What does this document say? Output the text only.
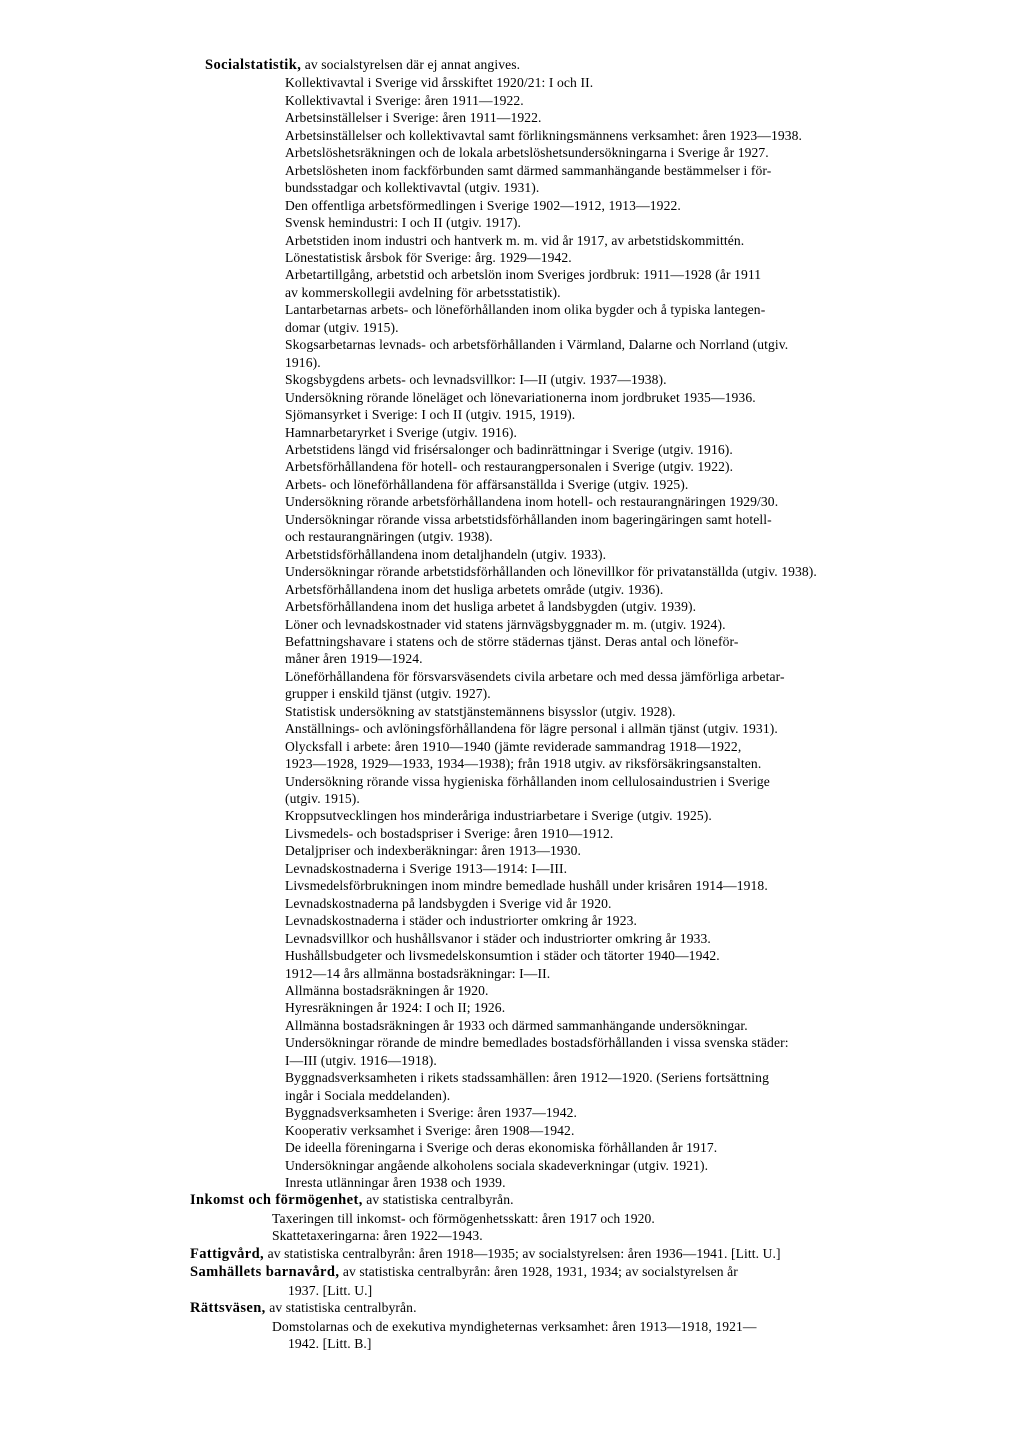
Socialstatistik, av socialstyrelsen där ej annat angives.
Kollektivavtal i Sverige vid årsskiftet 1920/21: I och II.
Kollektivavtal i Sverige: åren 1911—1922.
Arbetsinställelser i Sverige: åren 1911—1922.
Arbetsinställelser och kollektivavtal samt förlikningsmännens verksamhet: åren 1923—1938.
Arbetslöshetsräkningen och de lokala arbetslöshetsundersökningarna i Sverige år 1927.
Arbetslösheten inom fackförbunden samt därmed sammanhängande bestämmelser i för-
bundsstadgar och kollektivavtal (utgiv. 1931).
Den offentliga arbetsförmedlingen i Sverige 1902—1912, 1913—1922.
Svensk hemindustri: I och II (utgiv. 1917).
Arbetstiden inom industri och hantverk m. m. vid år 1917, av arbetstidskommittén.
Lönestatistisk årsbok för Sverige: årg. 1929—1942.
Arbetartillgång, arbetstid och arbetslön inom Sveriges jordbruk: 1911—1928 (år 1911
av kommerskollegii avdelning för arbetsstatistik).
Lantarbetarnas arbets- och löneförhållanden inom olika bygder och å typiska lantegen-
domar (utgiv. 1915).
Skogsarbetarnas levnads- och arbetsförhållanden i Värmland, Dalarne och Norrland (utgiv.
1916).
Skogsbygdens arbets- och levnadsvillkor: I—II (utgiv. 1937—1938).
Undersökning rörande löneläget och lönevariationerna inom jordbruket 1935—1936.
Sjömansyrket i Sverige: I och II (utgiv. 1915, 1919).
Hamnarbetaryrket i Sverige (utgiv. 1916).
Arbetstidens längd vid frisérsalonger och badinrättningar i Sverige (utgiv. 1916).
Arbetsförhållandena för hotell- och restaurangpersonalen i Sverige (utgiv. 1922).
Arbets- och löneförhållandena för affärsanställda i Sverige (utgiv. 1925).
Undersökning rörande arbetsförhållandena inom hotell- och restaurangnäringen 1929/30.
Undersökningar rörande vissa arbetstidsförhållanden inom bageringäringen samt hotell-
och restaurangnäringen (utgiv. 1938).
Arbetstidsförhållandena inom detaljhandeln (utgiv. 1933).
Undersökningar rörande arbetstidsförhållanden och lönevillkor för privatanställda (utgiv. 1938).
Arbetsförhållandena inom det husliga arbetets område (utgiv. 1936).
Arbetsförhållandena inom det husliga arbetet å landsbygden (utgiv. 1939).
Löner och levnadskostnader vid statens järnvägsbyggnader m. m. (utgiv. 1924).
Befattningshavare i statens och de större städernas tjänst. Deras antal och löneför-
måner åren 1919—1924.
Löneförhållandena för försvarsväsendets civila arbetare och med dessa jämförliga arbetar-
grupper i enskild tjänst (utgiv. 1927).
Statistisk undersökning av statstjänstemännens bisysslor (utgiv. 1928).
Anställnings- och avlöningsförhållandena för lägre personal i allmän tjänst (utgiv. 1931).
Olycksfall i arbete: åren 1910—1940 (jämte reviderade sammandrag 1918—1922,
1923—1928, 1929—1933, 1934—1938); från 1918 utgiv. av riksförsäkringsanstalten.
Undersökning rörande vissa hygieniska förhållanden inom cellulosaindustrien i Sverige
(utgiv. 1915).
Kroppsutvecklingen hos minderåriga industriarbetare i Sverige (utgiv. 1925).
Livsmedels- och bostadspriser i Sverige: åren 1910—1912.
Detaljpriser och indexberäkningar: åren 1913—1930.
Levnadskostnaderna i Sverige 1913—1914: I—III.
Livsmedelsförbrukningen inom mindre bemedlade hushåll under krisåren 1914—1918.
Levnadskostnaderna på landsbygden i Sverige vid år 1920.
Levnadskostnaderna i städer och industriorter omkring år 1923.
Levnadsvillkor och hushållsvanor i städer och industriorter omkring år 1933.
Hushållsbudgeter och livsmedelskonsumtion i städer och tätorter 1940—1942.
1912—14 års allmänna bostadsräkningar: I—II.
Allmänna bostadsräkningen år 1920.
Hyresräkningen år 1924: I och II; 1926.
Allmänna bostadsräkningen år 1933 och därmed sammanhängande undersökningar.
Undersökningar rörande de mindre bemedlades bostadsförhållanden i vissa svenska städer:
I—III (utgiv. 1916—1918).
Byggnadsverksamheten i rikets stadssamhällen: åren 1912—1920. (Seriens fortsättning
ingår i Sociala meddelanden).
Byggnadsverksamheten i Sverige: åren 1937—1942.
Kooperativ verksamhet i Sverige: åren 1908—1942.
De ideella föreningarna i Sverige och deras ekonomiska förhållanden år 1917.
Undersökningar angående alkoholens sociala skadeverkningar (utgiv. 1921).
Inresta utlänningar åren 1938 och 1939.
Inkomst och förmögenhet, av statistiska centralbyrån.
Taxeringen till inkomst- och förmögenhetsskatt: åren 1917 och 1920.
Skattetaxeringarna: åren 1922—1943.
Fattigvård, av statistiska centralbyrån: åren 1918—1935; av socialstyrelsen: åren 1936—1941. [Litt. U.]
Samhällets barnavård, av statistiska centralbyrån: åren 1928, 1931, 1934; av socialstyrelsen år
1937. [Litt. U.]
Rättsväsen, av statistiska centralbyrån.
Domstolarnas och de exekutiva myndigheternas verksamhet: åren 1913—1918, 1921—
1942. [Litt. B.]
